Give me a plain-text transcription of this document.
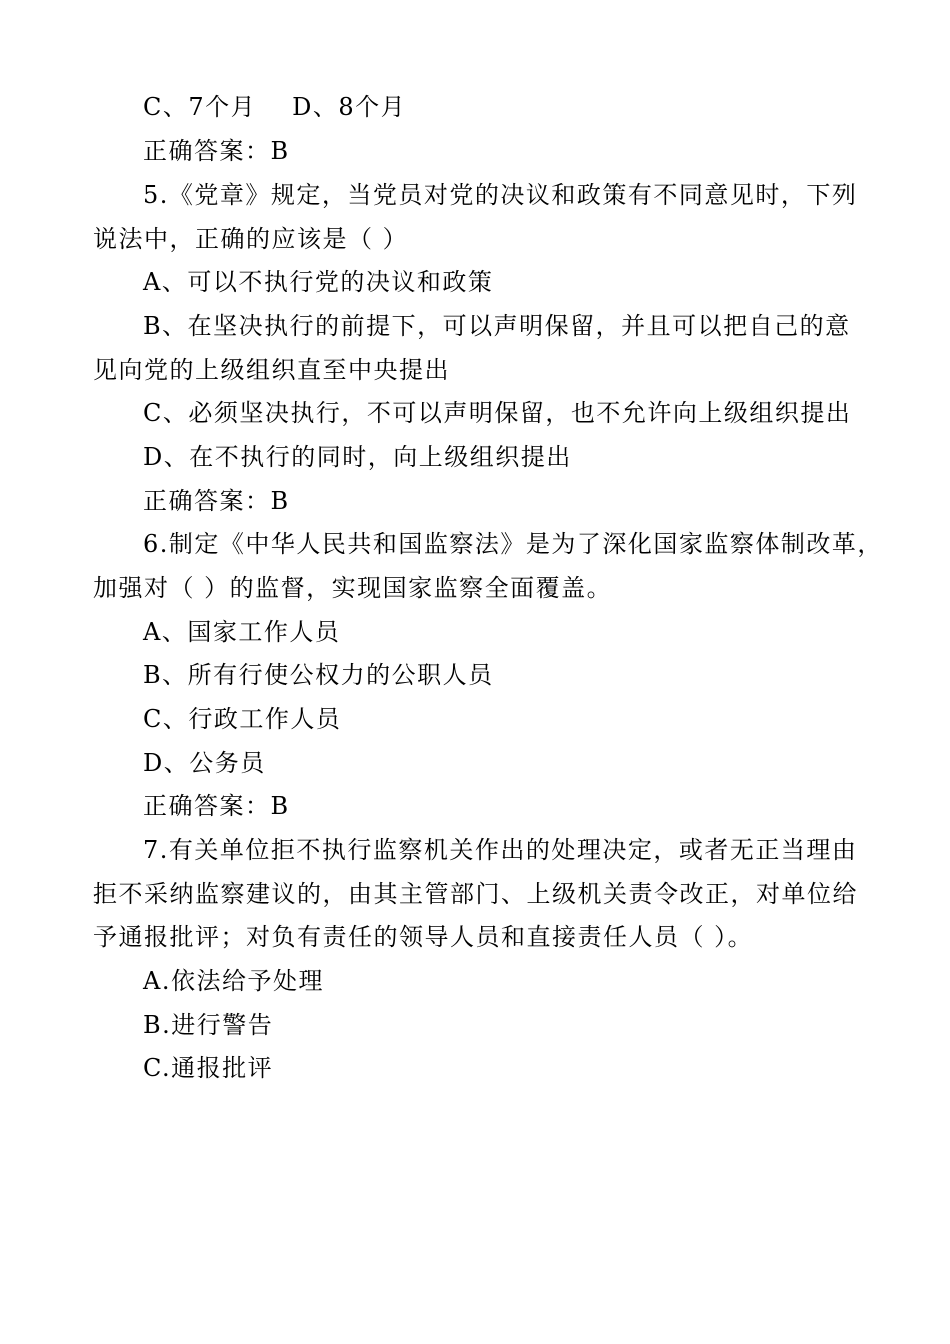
C、7个月 D、8个月
正确答案：B
5.《党章》规定，当党员对党的决议和政策有不同意见时，下列
说法中，正确的应该是（ ）
A、可以不执行党的决议和政策
B、在坚决执行的前提下，可以声明保留，并且可以把自己的意
见向党的上级组织直至中央提出
C、必须坚决执行，不可以声明保留，也不允许向上级组织提出
D、在不执行的同时，向上级组织提出
正确答案：B
6.制定《中华人民共和国监察法》是为了深化国家监察体制改革，
加强对（ ）的监督，实现国家监察全面覆盖。
A、国家工作人员
B、所有行使公权力的公职人员
C、行政工作人员
D、公务员
正确答案：B
7.有关单位拒不执行监察机关作出的处理决定，或者无正当理由
拒不采纳监察建议的，由其主管部门、上级机关责令改正，对单位给
予通报批评；对负有责任的领导人员和直接责任人员（ ）。
A.依法给予处理
B.进行警告
C.通报批评
